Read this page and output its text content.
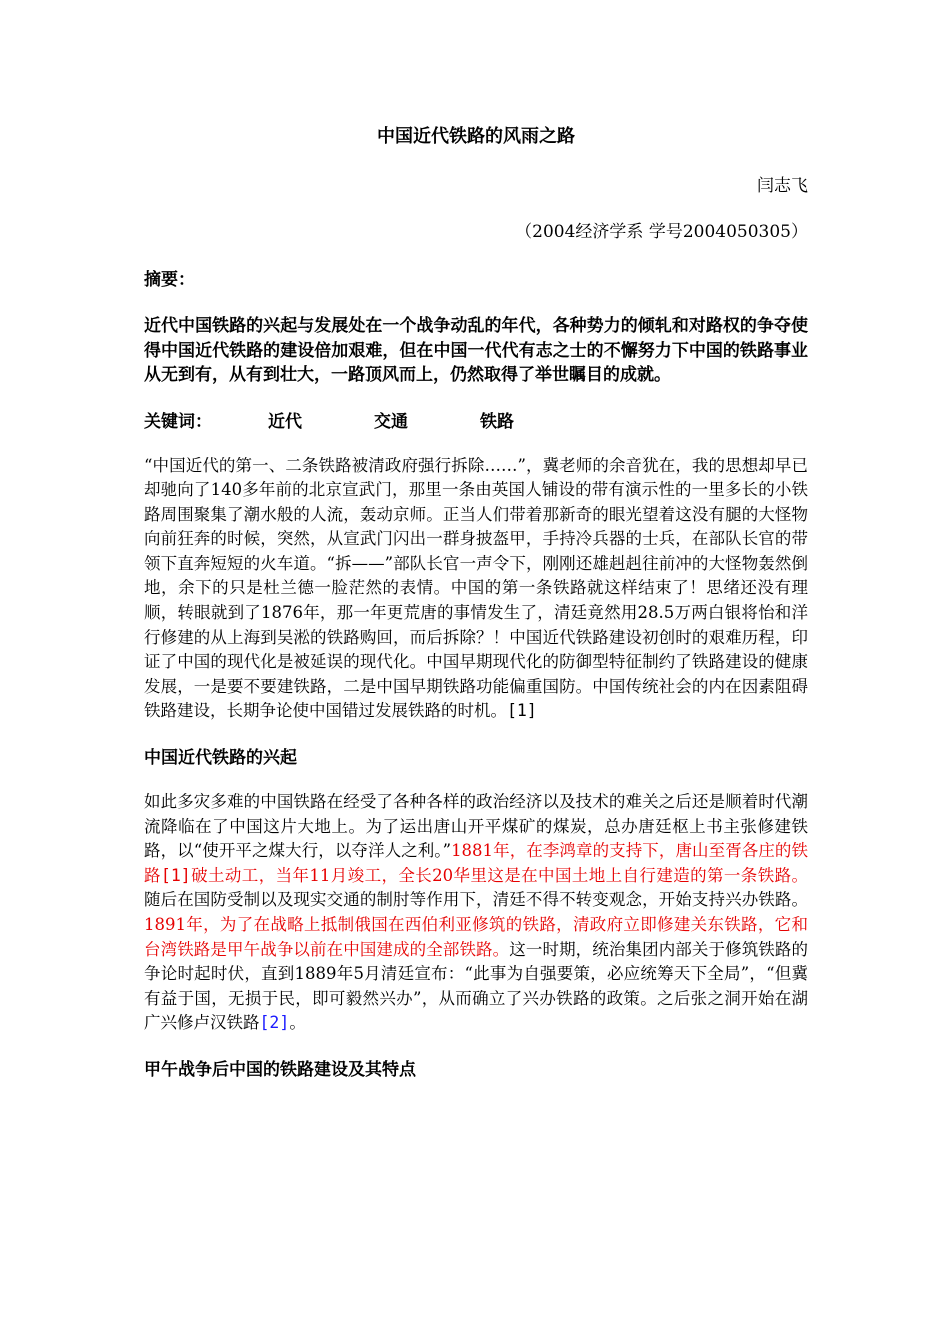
中国近代铁路的风雨之路

闫志飞

（2004经济学系 学号2004050305）

摘要：

近代中国铁路的兴起与发展处在一个战争动乱的年代，各种势力的倾轧和对路权的争夺使得中国近代铁路的建设倍加艰难，但在中国一代代有志之士的不懈努力下中国的铁路事业从无到有，从有到壮大，一路顶风而上，仍然取得了举世瞩目的成就。

关键词：	近代	交通	铁路

“中国近代的第一、二条铁路被清政府强行拆除……”，冀老师的余音犹在，我的思想却早已却驰向了140多年前的北京宣武门，那里一条由英国人铺设的带有演示性的一里多长的小铁路周围聚集了潮水般的人流，轰动京师。正当人们带着那新奇的眼光望着这没有腿的大怪物向前狂奔的时候，突然，从宣武门闪出一群身披盔甲，手持冷兵器的士兵，在部队长官的带领下直奔短短的火车道。“拆——”部队长官一声令下，刚刚还雄赳赳往前冲的大怪物轰然倒地，余下的只是杜兰德一脸茫然的表情。中国的第一条铁路就这样结束了！思绪还没有理顺，转眼就到了1876年，那一年更荒唐的事情发生了，清廷竟然用28.5万两白银将怡和洋行修建的从上海到吴淞的铁路购回，而后拆除？！中国近代铁路建设初创时的艰难历程，印证了中国的现代化是被延误的现代化。中国早期现代化的防御型特征制约了铁路建设的健康发展，一是要不要建铁路，二是中国早期铁路功能偏重国防。中国传统社会的内在因素阻碍铁路建设，长期争论使中国错过发展铁路的时机。[1]

中国近代铁路的兴起

如此多灾多难的中国铁路在经受了各种各样的政治经济以及技术的难关之后还是顺着时代潮流降临在了中国这片大地上。为了运出唐山开平煤矿的煤炭，总办唐廷枢上书主张修建铁路，以“使开平之煤大行，以夺洋人之利。”1881年，在李鸿章的支持下，唐山至胥各庄的铁路[1]破土动工，当年11月竣工，全长20华里这是在中国土地上自行建造的第一条铁路。随后在国防受制以及现实交通的制肘等作用下，清廷不得不转变观念，开始支持兴办铁路。1891年，为了在战略上抵制俄国在西伯利亚修筑的铁路，清政府立即修建关东铁路，它和台湾铁路是甲午战争以前在中国建成的全部铁路。这一时期，统治集团内部关于修筑铁路的争论时起时伏，直到1889年5月清廷宣布：“此事为自强要策，必应统筹天下全局”，“但冀有益于国，无损于民，即可毅然兴办”，从而确立了兴办铁路的政策。之后张之洞开始在湖广兴修卢汉铁路[2]。

甲午战争后中国的铁路建设及其特点
